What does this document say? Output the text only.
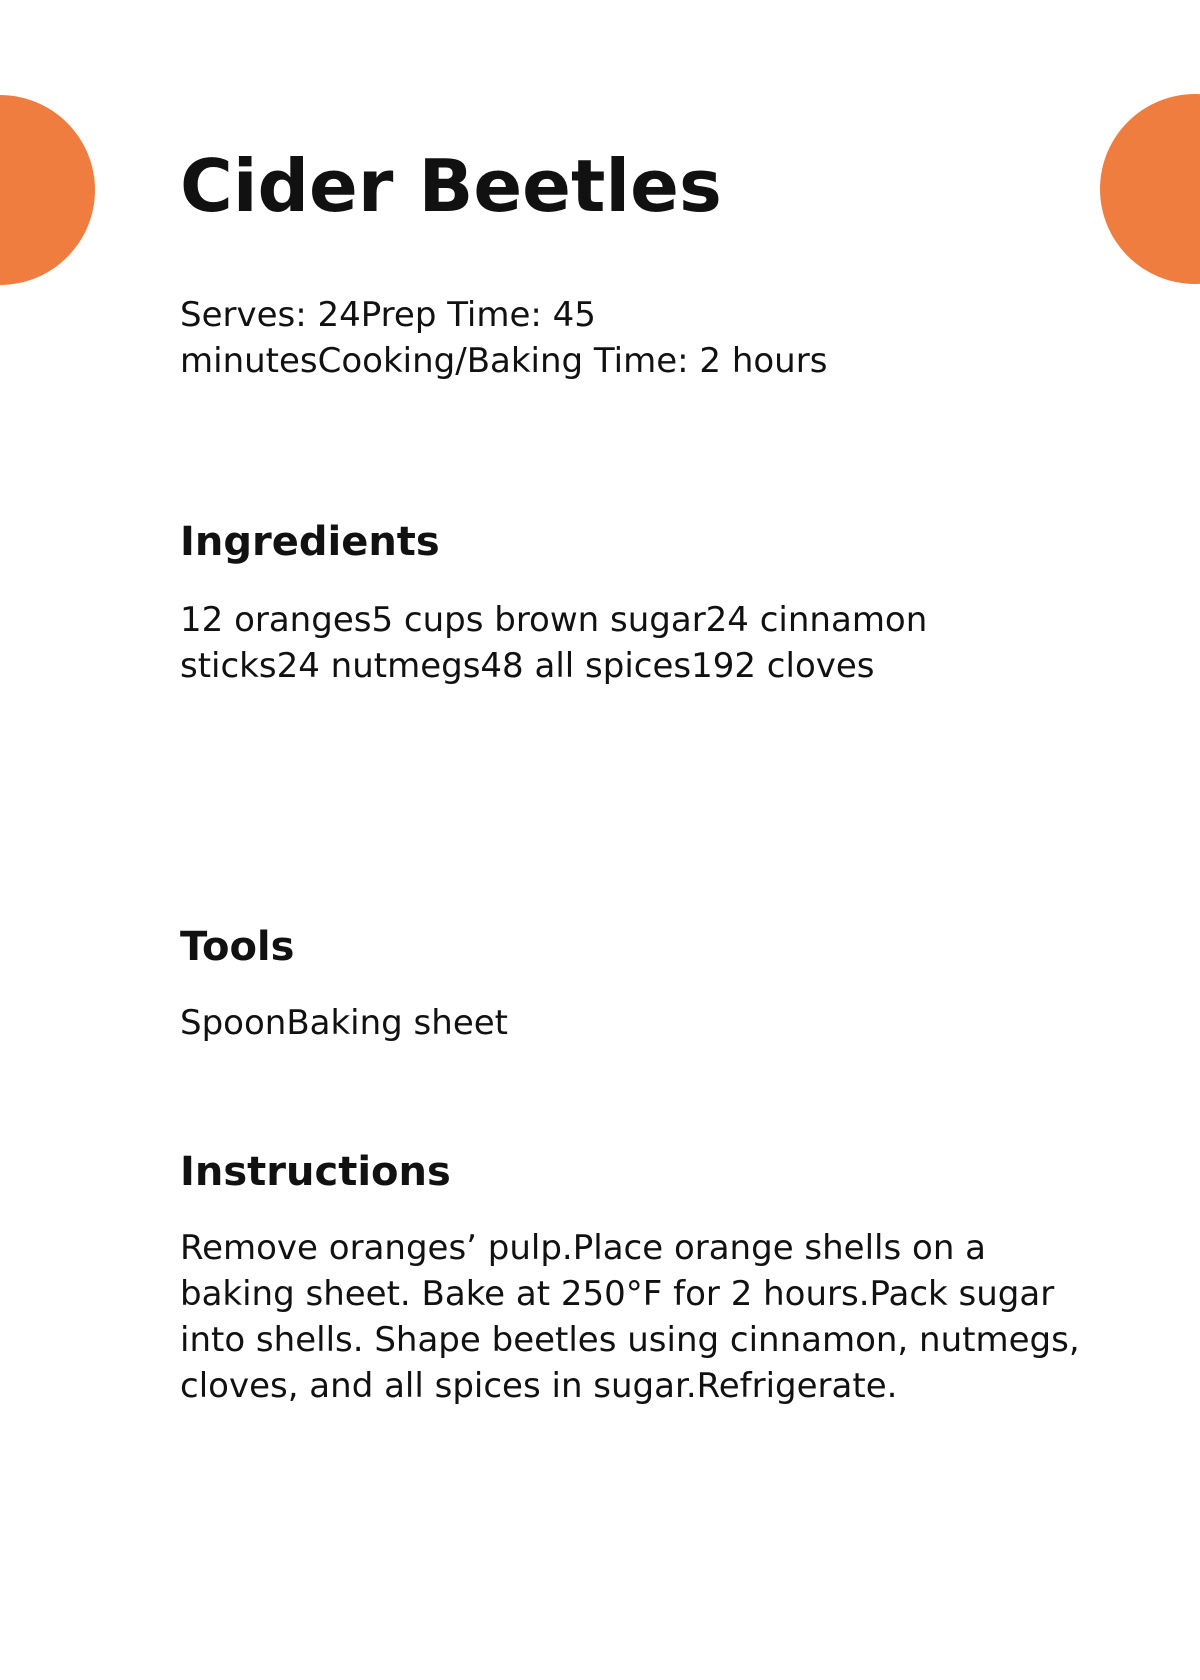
Cider Beetles

Serves: 24Prep Time: 45 minutesCooking/Baking Time: 2 hours

Ingredients

12 oranges5 cups brown sugar24 cinnamon sticks24 nutmegs48 all spices192 cloves

Tools

SpoonBaking sheet

Instructions

Remove oranges’ pulp.Place orange shells on a baking sheet. Bake at 250°F for 2 hours.Pack sugar into shells. Shape beetles using cinnamon, nutmegs, cloves, and all spices in sugar.Refrigerate.
